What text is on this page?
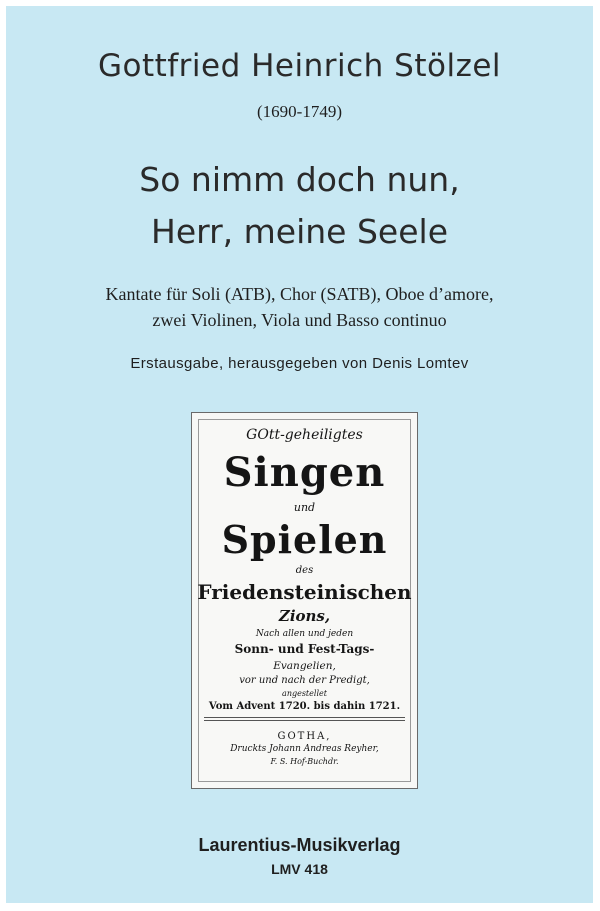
Gottfried Heinrich Stölzel
(1690-1749)
So nimm doch nun,
Herr, meine Seele
Kantate für Soli (ATB), Chor (SATB), Oboe d’amore,
zwei Violinen, Viola und Basso continuo
Erstausgabe, herausgegeben von Denis Lomtev
GOtt-geheiligtes
Singen
und
Spielen
des
Friedensteinischen
Zions,
Nach allen und jeden
Sonn- und Fest-Tags-
Evangelien,
vor und nach der Predigt,
angestellet
Vom Advent 1720. bis dahin 1721.
GOTHA,
Druckts Johann Andreas Reyher,
F. S. Hof-Buchdr.
Laurentius-Musikverlag
LMV 418
